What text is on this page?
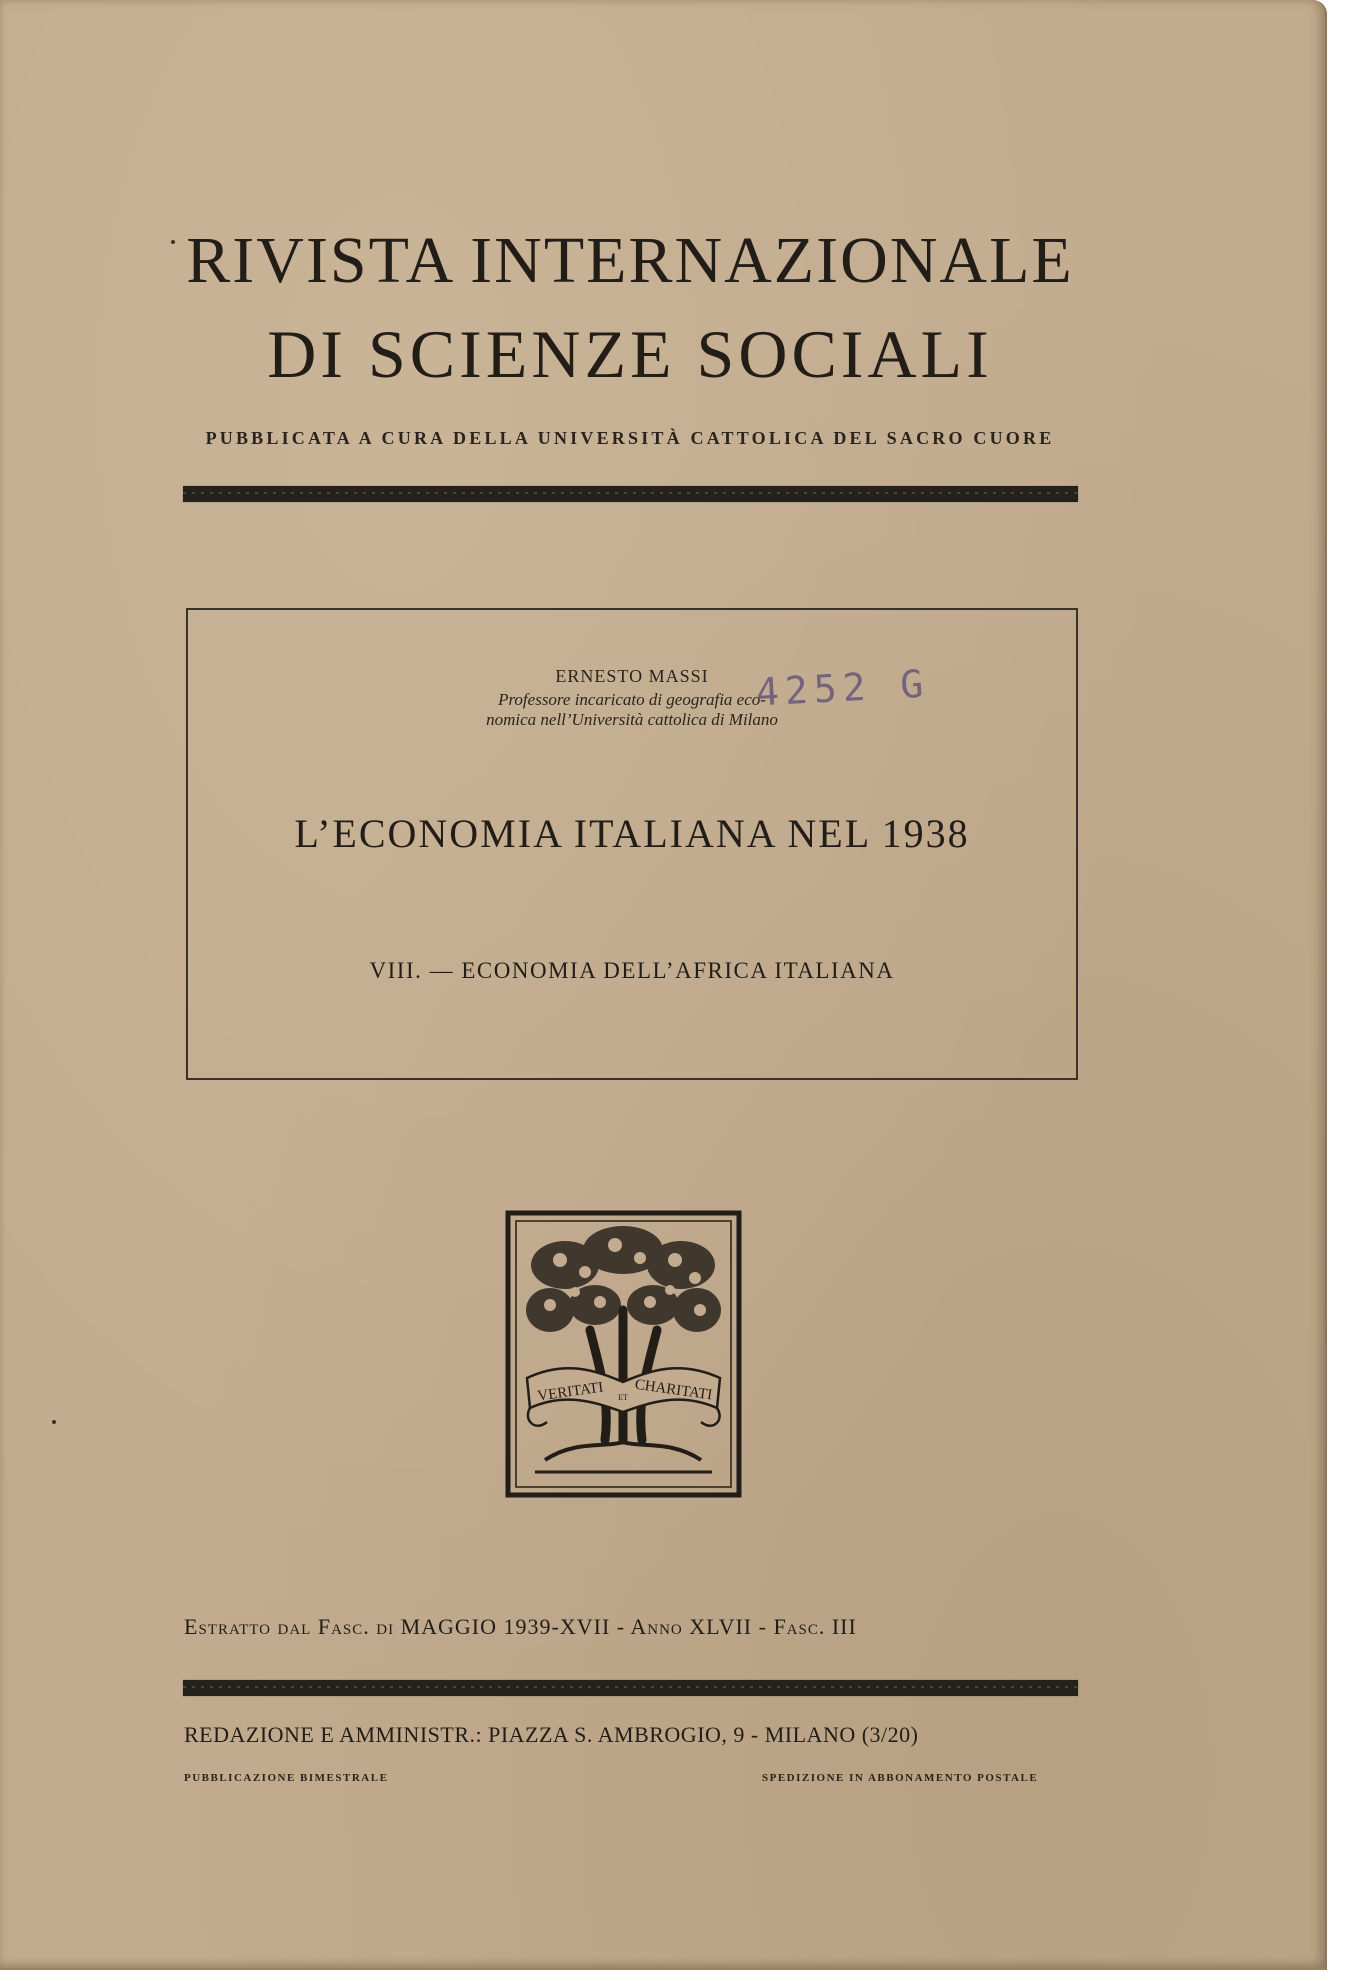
RIVISTA INTERNAZIONALE
DI SCIENZE SOCIALI
PUBBLICATA A CURA DELLA UNIVERSITÀ CATTOLICA DEL SACRO CUORE
ERNESTO MASSI
Professore incaricato di geografia eco-
nomica nell’Università cattolica di Milano
4252 G
L’ECONOMIA ITALIANA NEL 1938
VIII. — ECONOMIA DELL’AFRICA ITALIANA
VERITATI ET CHARITATI
Estratto dal Fasc. di MAGGIO 1939-XVII - Anno XLVII - Fasc. III
REDAZIONE E AMMINISTR.: PIAZZA S. AMBROGIO, 9 - MILANO (3/20)
PUBBLICAZIONE BIMESTRALE	SPEDIZIONE IN ABBONAMENTO POSTALE
